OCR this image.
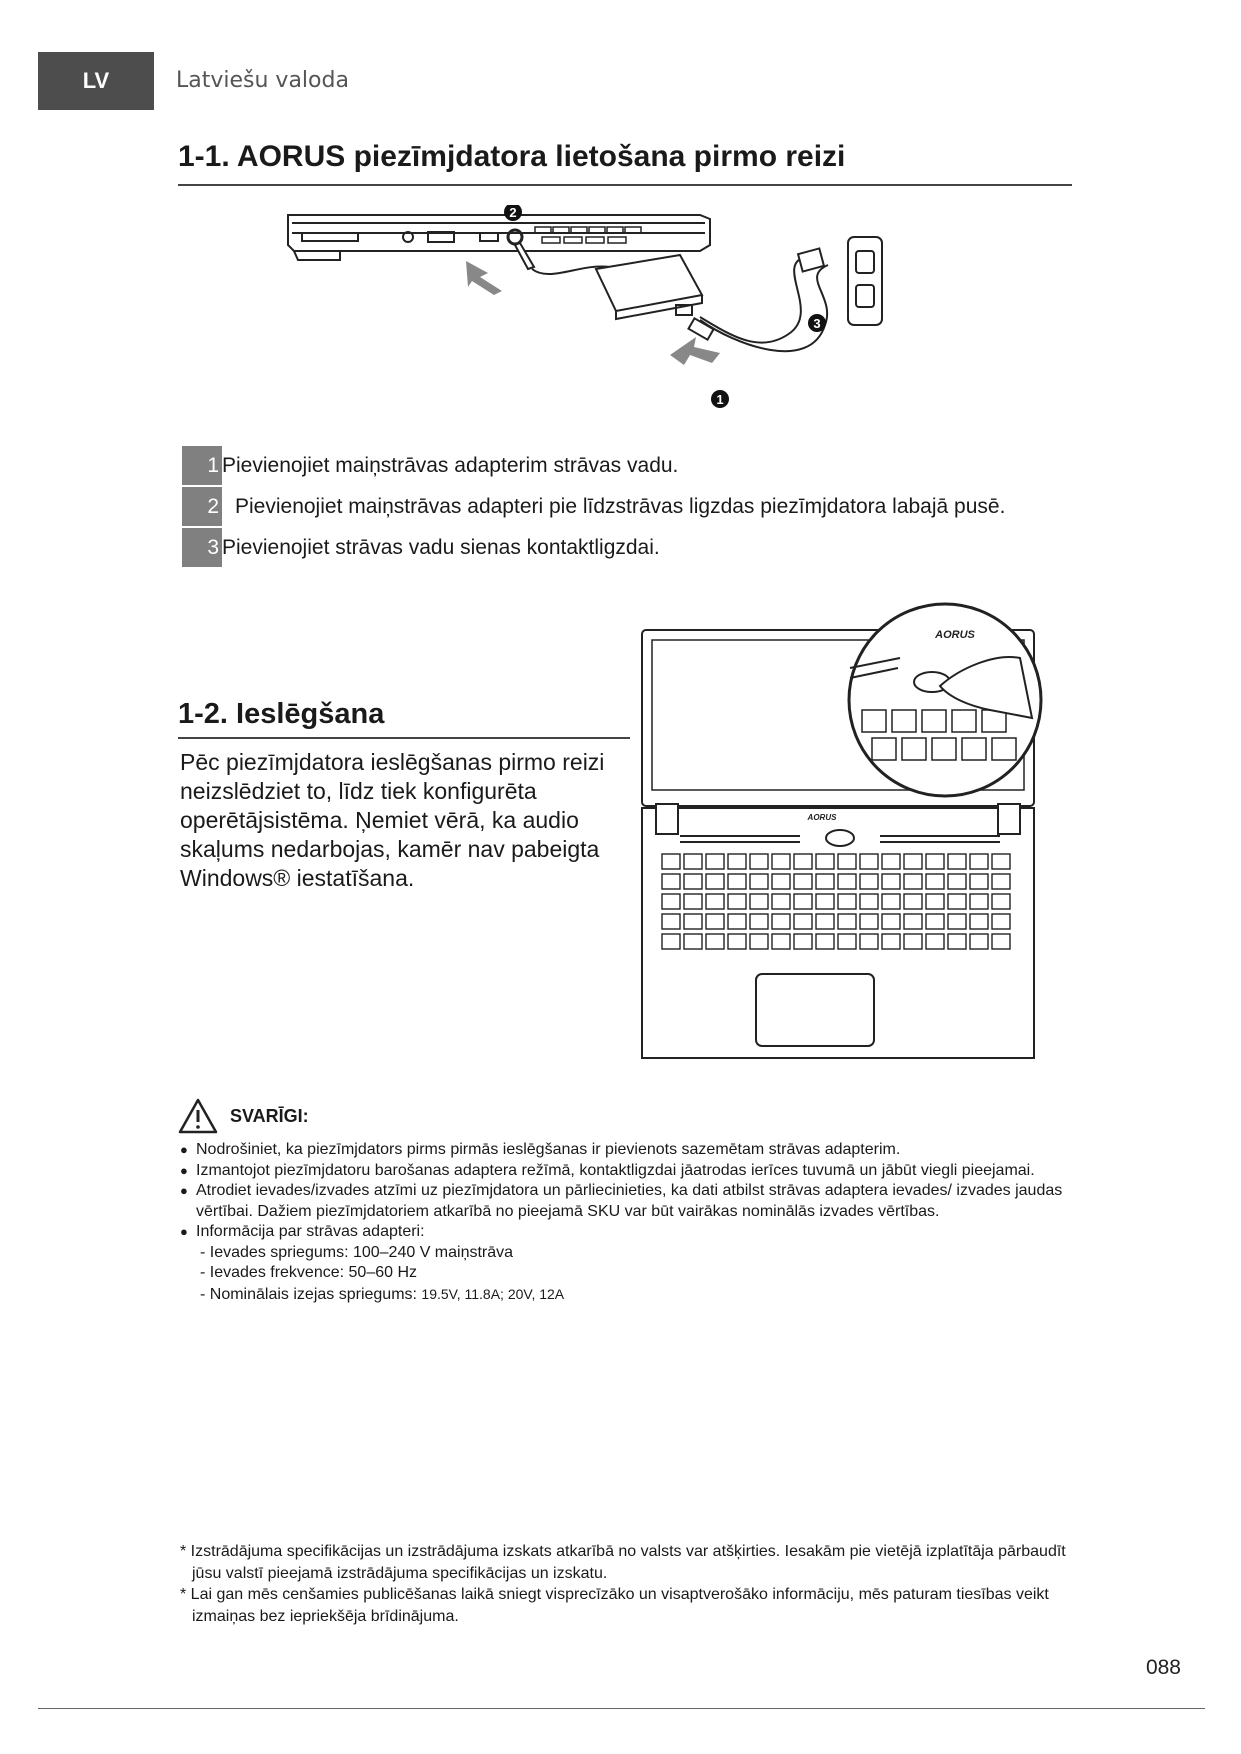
LV	Latviešu valoda
1-1. AORUS piezīmjdatora lietošana pirmo reizi
2
3
1
1 Pievienojiet maiņstrāvas adapterim strāvas vadu.
2 Pievienojiet maiņstrāvas adapteri pie līdzstrāvas ligzdas piezīmjdatora labajā pusē.
3 Pievienojiet strāvas vadu sienas kontaktligzdai.
1-2. Ieslēgšana
Pēc piezīmjdatora ieslēgšanas pirmo reizi neizslēdziet to, līdz tiek konfigurēta operētājsistēma. Ņemiet vērā, ka audio skaļums nedarbojas, kamēr nav pabeigta Windows® iestatīšana.
AORUS
AORUS
SVARĪGI:
● Nodrošiniet, ka piezīmjdators pirms pirmās ieslēgšanas ir pievienots sazemētam strāvas adapterim.
● Izmantojot piezīmjdatoru barošanas adaptera režīmā, kontaktligzdai jāatrodas ierīces tuvumā un jābūt viegli pieejamai.
● Atrodiet ievades/izvades atzīmi uz piezīmjdatora un pārliecinieties, ka dati atbilst strāvas adaptera ievades/ izvades jaudas vērtībai. Dažiem piezīmjdatoriem atkarībā no pieejamā SKU var būt vairākas nominālās izvades vērtības.
● Informācija par strāvas adapteri:
- Ievades spriegums: 100–240 V maiņstrāva
- Ievades frekvence: 50–60 Hz
- Nominālais izejas spriegums: 19.5V, 11.8A; 20V, 12A

* Izstrādājuma specifikācijas un izstrādājuma izskats atkarībā no valsts var atšķirties. Iesakām pie vietējā izplatītāja pārbaudīt jūsu valstī pieejamā izstrādājuma specifikācijas un izskatu.

* Lai gan mēs cenšamies publicēšanas laikā sniegt visprecīzāko un visaptverošāko informāciju, mēs paturam tiesības veikt izmaiņas bez iepriekšēja brīdinājuma.

088
